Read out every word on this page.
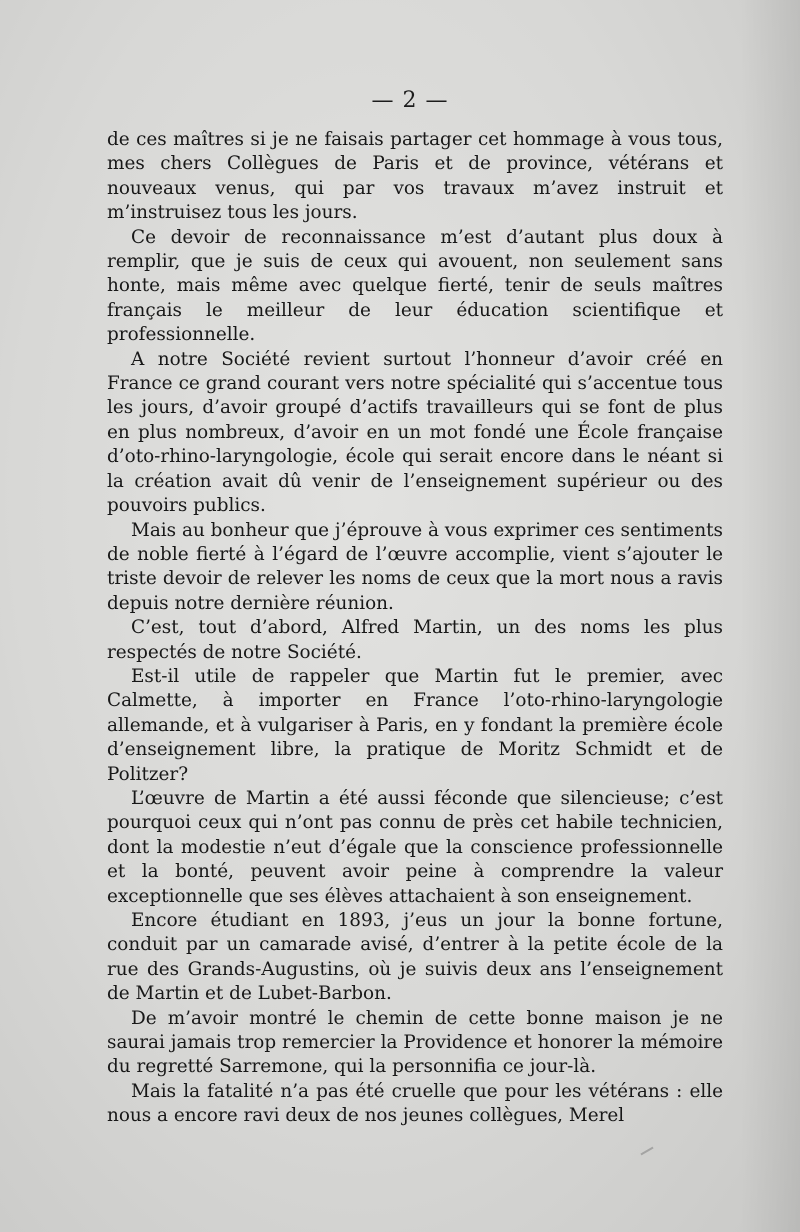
— 2 —

de ces maîtres si je ne faisais partager cet hommage à vous tous, mes chers Collègues de Paris et de province, vétérans et nouveaux venus, qui par vos travaux m’avez instruit et m’instruisez tous les jours.

Ce devoir de reconnaissance m’est d’autant plus doux à remplir, que je suis de ceux qui avouent, non seulement sans honte, mais même avec quelque fierté, tenir de seuls maîtres français le meilleur de leur éducation scientifique et professionnelle.

A notre Société revient surtout l’honneur d’avoir créé en France ce grand courant vers notre spécialité qui s’accentue tous les jours, d’avoir groupé d’actifs travailleurs qui se font de plus en plus nombreux, d’avoir en un mot fondé une École française d’oto-rhino-laryngologie, école qui serait encore dans le néant si la création avait dû venir de l’enseignement supérieur ou des pouvoirs publics.

Mais au bonheur que j’éprouve à vous exprimer ces sentiments de noble fierté à l’égard de l’œuvre accomplie, vient s’ajouter le triste devoir de relever les noms de ceux que la mort nous a ravis depuis notre dernière réunion.

C’est, tout d’abord, Alfred Martin, un des noms les plus respectés de notre Société.

Est-il utile de rappeler que Martin fut le premier, avec Calmette, à importer en France l’oto-rhino-laryngologie allemande, et à vulgariser à Paris, en y fondant la première école d’enseignement libre, la pratique de Moritz Schmidt et de Politzer?

L’œuvre de Martin a été aussi féconde que silencieuse; c’est pourquoi ceux qui n’ont pas connu de près cet habile technicien, dont la modestie n’eut d’égale que la conscience professionnelle et la bonté, peuvent avoir peine à comprendre la valeur exceptionnelle que ses élèves attachaient à son enseignement.

Encore étudiant en 1893, j’eus un jour la bonne fortune, conduit par un camarade avisé, d’entrer à la petite école de la rue des Grands-Augustins, où je suivis deux ans l’enseignement de Martin et de Lubet-Barbon.

De m’avoir montré le chemin de cette bonne maison je ne saurai jamais trop remercier la Providence et honorer la mémoire du regretté Sarremone, qui la personnifia ce jour-là.

Mais la fatalité n’a pas été cruelle que pour les vétérans : elle nous a encore ravi deux de nos jeunes collègues, Merel
